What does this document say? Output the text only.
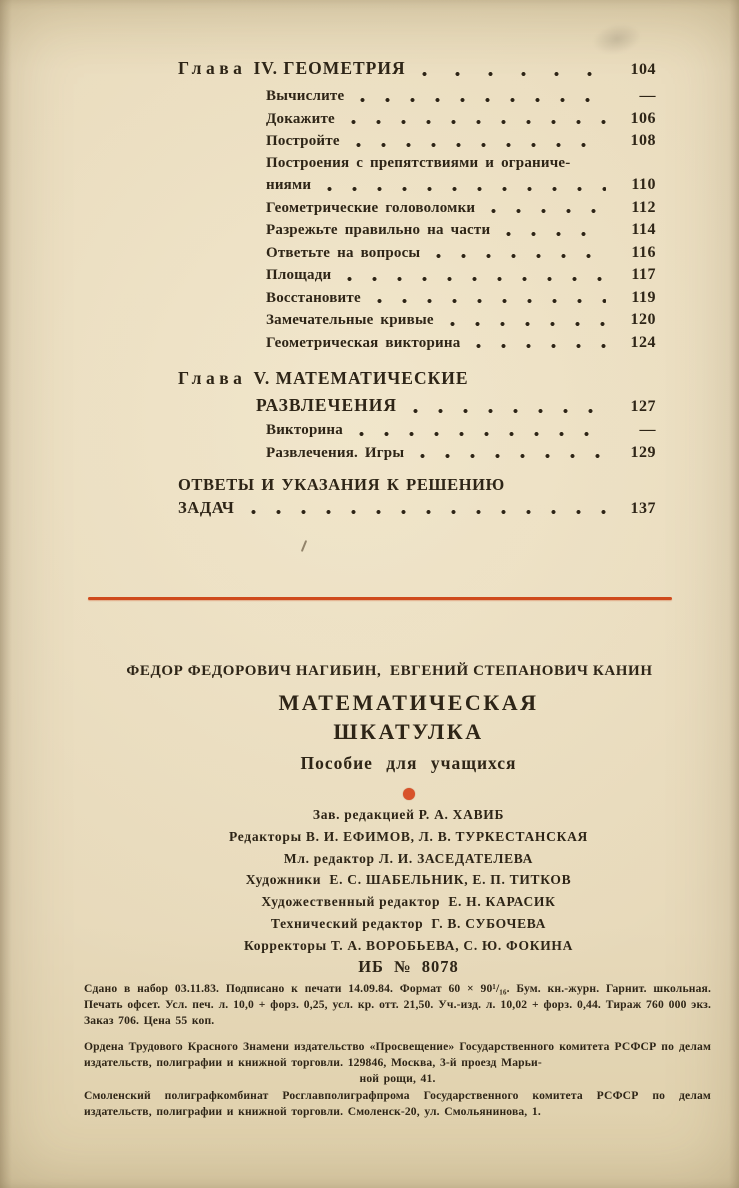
Глава IV. ГЕОМЕТРИЯ	104
Вычислите	—
Докажите	106
Постройте	108
Построения с препятствиями и ограниче-
ниями	110
Геометрические головоломки	112
Разрежьте правильно на части	114
Ответьте на вопросы	116
Площади	117
Восстановите	119
Замечательные кривые	120
Геометрическая викторина	124
Глава V. МАТЕМАТИЧЕСКИЕ
РАЗВЛЕЧЕНИЯ	127
Викторина	—
Развлечения. Игры	129
ОТВЕТЫ И УКАЗАНИЯ К РЕШЕНИЮ
ЗАДАЧ	137
ФЕДОР ФЕДОРОВИЧ НАГИБИН,  ЕВГЕНИЙ СТЕПАНОВИЧ КАНИН
МАТЕМАТИЧЕСКАЯ
ШКАТУЛКА
Пособие для учащихся
Зав. редакцией Р. А. ХАВИБ
Редакторы В. И. ЕФИМОВ, Л. В. ТУРКЕСТАНСКАЯ
Мл. редактор Л. И. ЗАСЕДАТЕЛЕВА
Художники  Е. С. ШАБЕЛЬНИК, Е. П. ТИТКОВ
Художественный редактор  Е. Н. КАРАСИК
Технический редактор  Г. В. СУБОЧЕВА
Корректоры Т. А. ВОРОБЬЕВА, С. Ю. ФОКИНА
ИБ № 8078
Сдано в набор 03.11.83. Подписано к печати 14.09.84. Формат 60 × 90¹/₁₆. Бум. кн.-журн. Гарнит. школьная. Печать офсет. Усл. печ. л. 10,0 + форз. 0,25, усл. кр. отт. 21,50. Уч.-изд. л. 10,02 + форз. 0,44. Тираж 760 000 экз. Заказ 706. Цена 55 коп.
Ордена Трудового Красного Знамени издательство «Просвещение» Государственного комитета РСФСР по делам издательств, полиграфии и книжной торговли. 129846, Москва, 3-й проезд Марьи-
ной рощи, 41.
Смоленский полиграфкомбинат Росглавполиграфпрома Государственного комитета РСФСР по делам издательств, полиграфии и книжной торговли. Смоленск-20, ул. Смольянинова, 1.
